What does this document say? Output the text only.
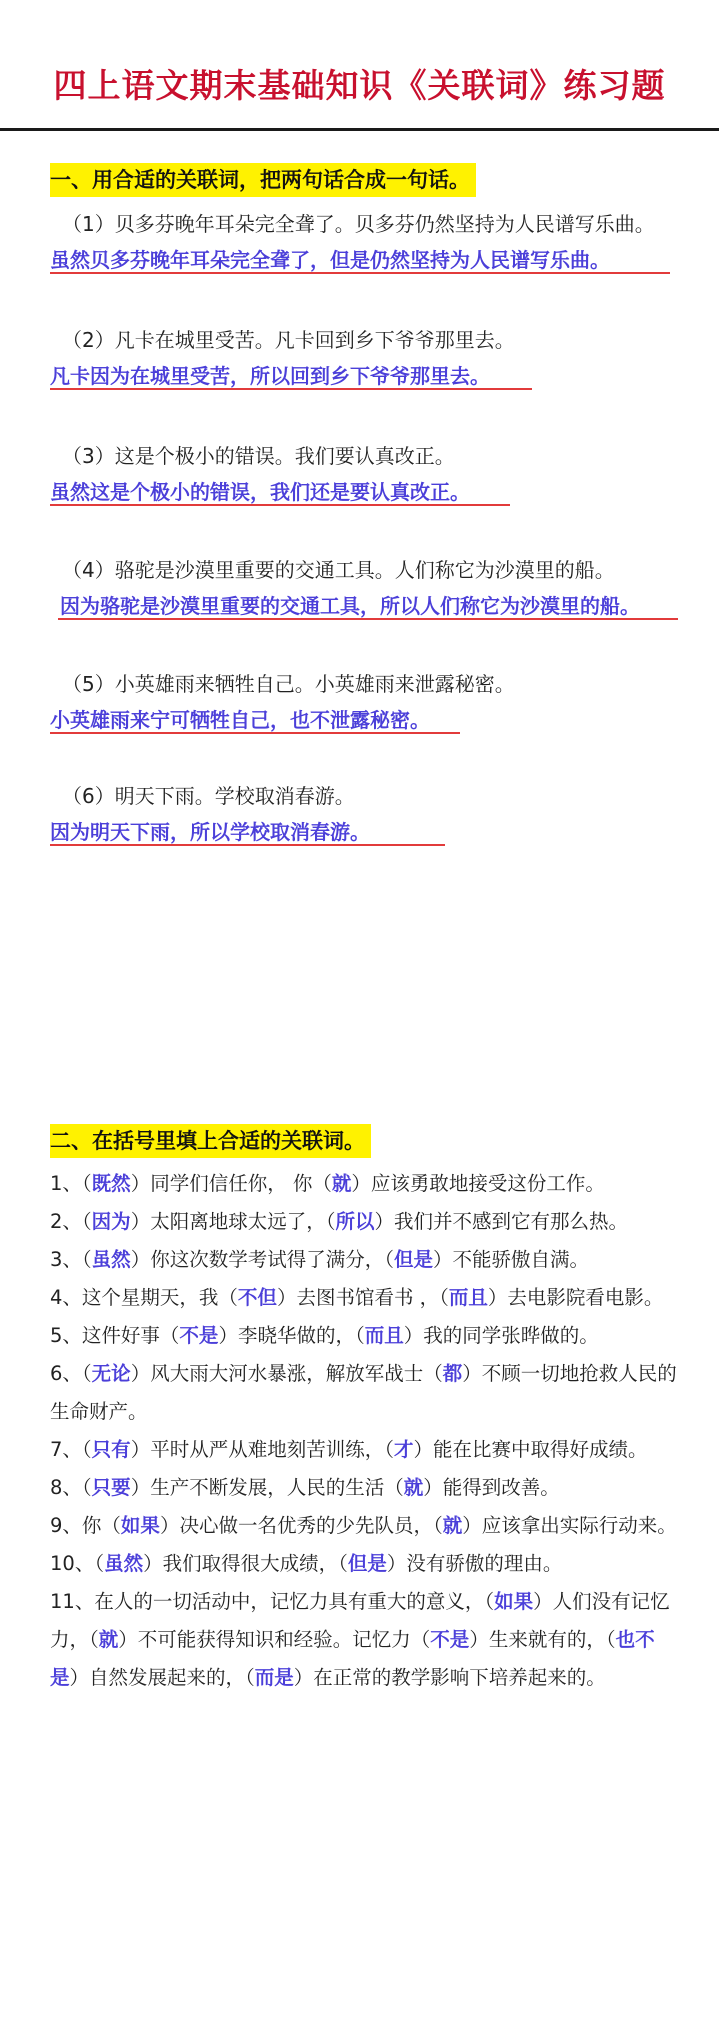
四上语文期末基础知识《关联词》练习题
一、用合适的关联词，把两句话合成一句话。
（1）贝多芬晚年耳朵完全聋了。贝多芬仍然坚持为人民谱写乐曲。
虽然贝多芬晚年耳朵完全聋了，但是仍然坚持为人民谱写乐曲。
（2）凡卡在城里受苦。凡卡回到乡下爷爷那里去。
凡卡因为在城里受苦，所以回到乡下爷爷那里去。
（3）这是个极小的错误。我们要认真改正。
虽然这是个极小的错误，我们还是要认真改正。
（4）骆驼是沙漠里重要的交通工具。人们称它为沙漠里的船。
因为骆驼是沙漠里重要的交通工具，所以人们称它为沙漠里的船。
（5）小英雄雨来牺牲自己。小英雄雨来泄露秘密。
小英雄雨来宁可牺牲自己，也不泄露秘密。
（6）明天下雨。学校取消春游。
因为明天下雨，所以学校取消春游。
二、在括号里填上合适的关联词。
1、（既然）同学们信任你， 你（就）应该勇敢地接受这份工作。
2、（因为）太阳离地球太远了，（所以）我们并不感到它有那么热。
3、（虽然）你这次数学考试得了满分，（但是）不能骄傲自满。
4、这个星期天，我（不但）去图书馆看书 ，（而且）去电影院看电影。
5、这件好事（不是）李晓华做的，（而且）我的同学张晔做的。
6、（无论）风大雨大河水暴涨，解放军战士（都）不顾一切地抢救人民的生命财产。
7、（只有）平时从严从难地刻苦训练，（才）能在比赛中取得好成绩。
8、（只要）生产不断发展，人民的生活（就）能得到改善。
9、你（如果）决心做一名优秀的少先队员，（就）应该拿出实际行动来。
10、（虽然）我们取得很大成绩，（但是）没有骄傲的理由。
11、在人的一切活动中，记忆力具有重大的意义，（如果）人们没有记忆力，（就）不可能获得知识和经验。记忆力（不是）生来就有的，（也不是）自然发展起来的，（而是）在正常的教学影响下培养起来的。
